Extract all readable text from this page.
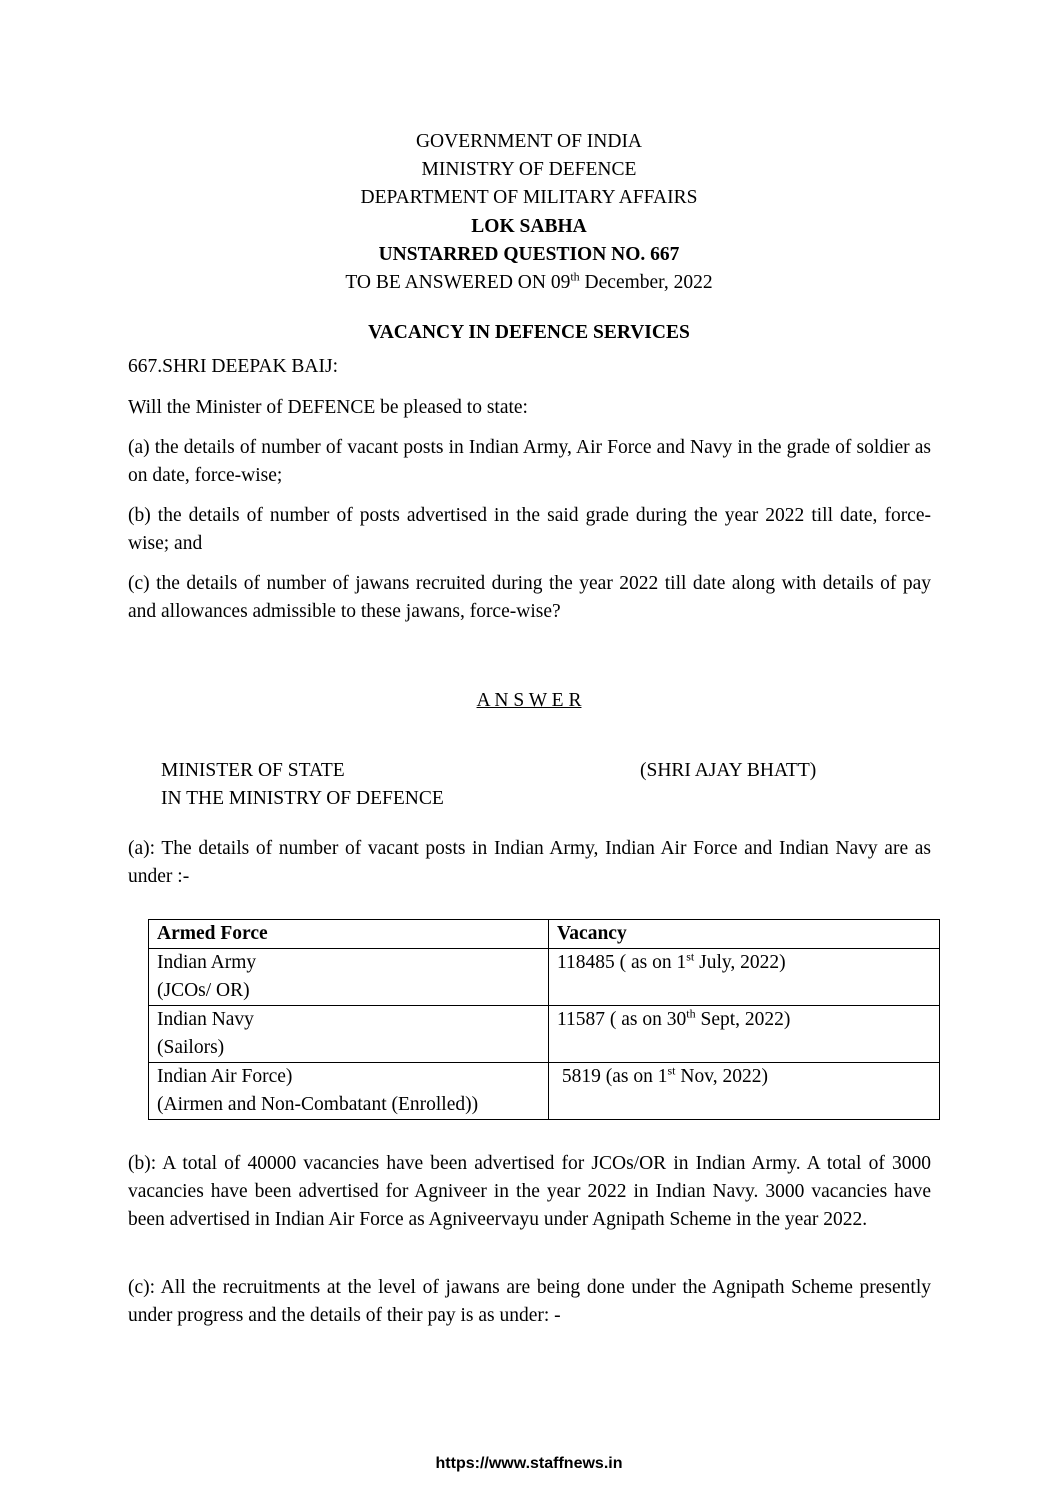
GOVERNMENT OF INDIA
MINISTRY OF DEFENCE
DEPARTMENT OF MILITARY AFFAIRS
LOK SABHA
UNSTARRED QUESTION NO. 667
TO BE ANSWERED ON 09th December, 2022
VACANCY IN DEFENCE SERVICES
667.SHRI DEEPAK BAIJ:
Will the Minister of DEFENCE be pleased to state:
(a) the details of number of vacant posts in Indian Army, Air Force and Navy in the grade of soldier as on date, force-wise;
(b) the details of number of posts advertised in the said grade during the year 2022 till date, force-wise; and
(c) the details of number of jawans recruited during the year 2022 till date along with details of pay and allowances admissible to these jawans, force-wise?
A N S W E R
MINISTER OF STATE
IN THE MINISTRY OF DEFENCE
(SHRI AJAY BHATT)
(a): The details of number of vacant posts in Indian Army, Indian Air Force and Indian Navy are as under :-
Armed Force	Vacancy
Indian Army
(JCOs/ OR)	118485 ( as on 1st July, 2022)
Indian Navy
(Sailors)	11587 ( as on 30th Sept, 2022)
Indian Air Force)
(Airmen and Non-Combatant (Enrolled))	5819 (as on 1st Nov, 2022)
(b): A total of 40000 vacancies have been advertised for JCOs/OR in Indian Army. A total of 3000 vacancies have been advertised for Agniveer in the year 2022 in Indian Navy. 3000 vacancies have been advertised in Indian Air Force as Agniveervayu under Agnipath Scheme in the year 2022.
(c): All the recruitments at the level of jawans are being done under the Agnipath Scheme presently under progress and the details of their pay is as under: -
https://www.staffnews.in
